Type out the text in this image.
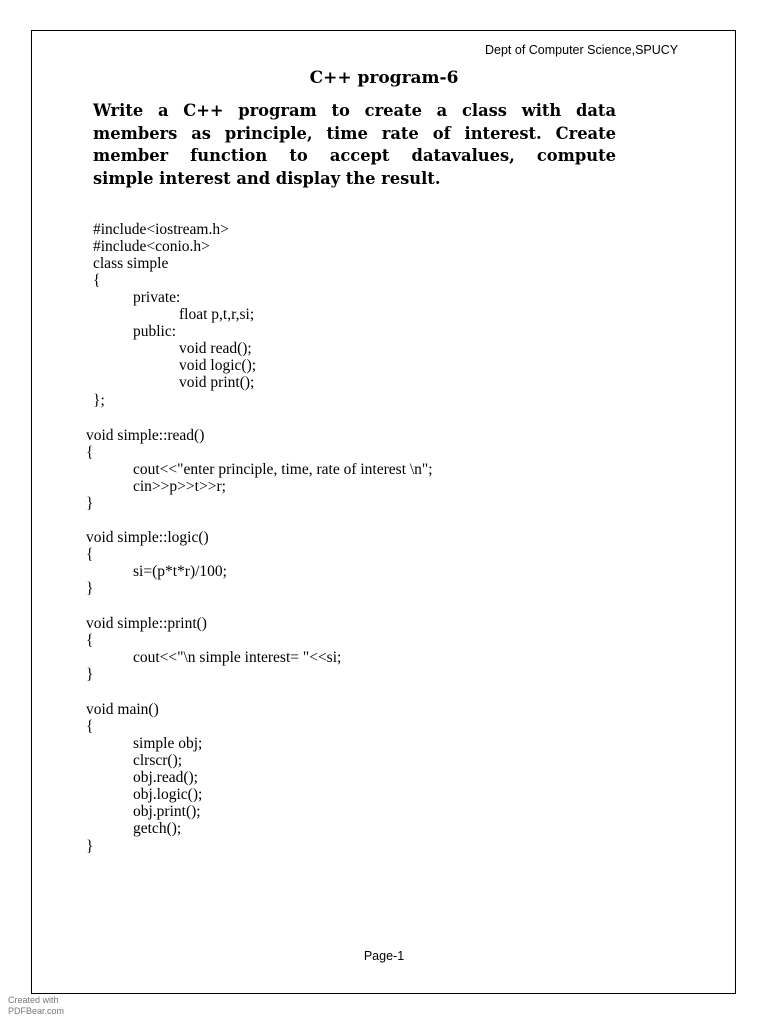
Dept of Computer Science,SPUCY
C++ program-6
Write a C++ program to create a class with data
members as principle, time rate of interest. Create
member function to accept datavalues, compute
simple interest and display the result.
#include<iostream.h>
#include<conio.h>
class simple
{
private:
float p,t,r,si;
public:
void read();
void logic();
void print();
};
void simple::read()
{
cout<<"enter principle, time, rate of interest \n";
cin>>p>>t>>r;
}
void simple::logic()
{
si=(p*t*r)/100;
}
void simple::print()
{
cout<<"\n simple interest= "<<si;
}
void main()
{
simple obj;
clrscr();
obj.read();
obj.logic();
obj.print();
getch();
}
Page-1
Created with
PDFBear.com
